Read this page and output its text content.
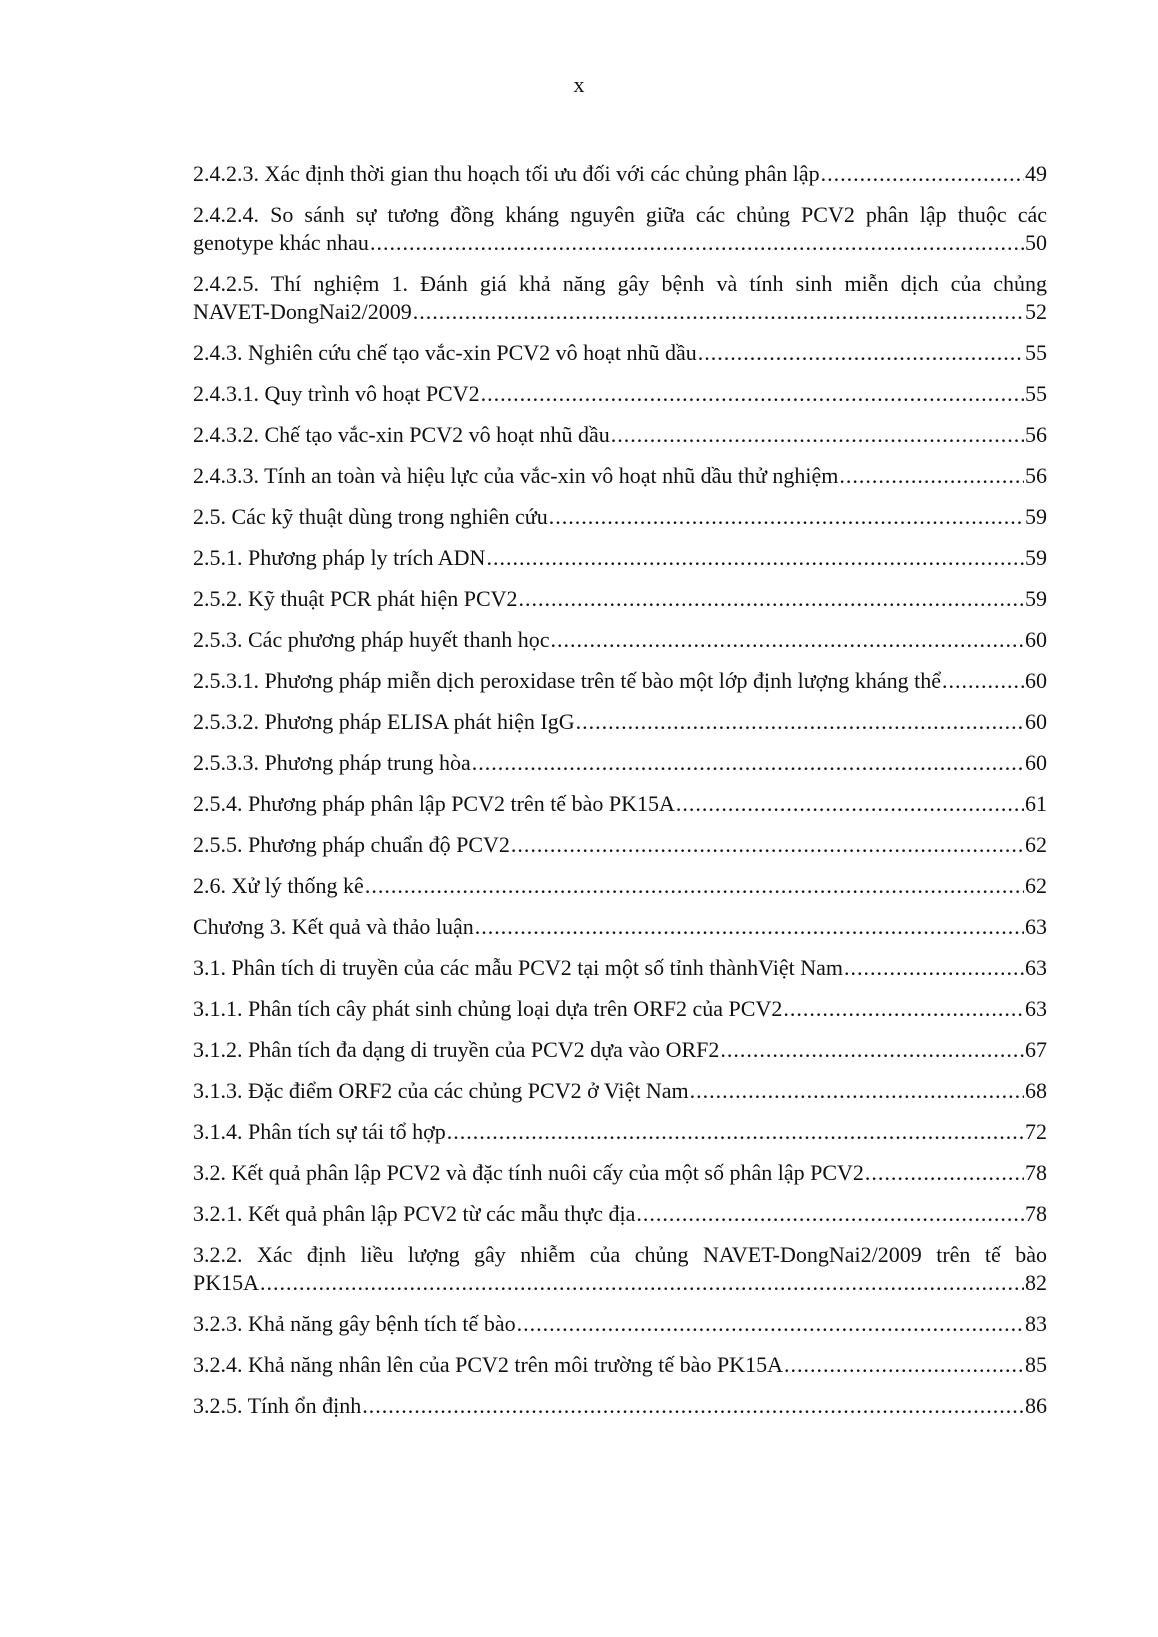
x
2.4.2.3. Xác định thời gian thu hoạch tối ưu đối với các chủng phân lập .....	49
2.4.2.4. So sánh sự tương đồng kháng nguyên giữa các chủng PCV2 phân lập thuộc các
genotype khác nhau .....	50
2.4.2.5. Thí nghiệm 1. Đánh giá khả năng gây bệnh và tính sinh miễn dịch của chủng
NAVET-DongNai2/2009 .....	52
2.4.3. Nghiên cứu chế tạo vắc-xin PCV2 vô hoạt nhũ dầu .....	55
2.4.3.1. Quy trình vô hoạt PCV2 .....	55
2.4.3.2. Chế tạo vắc-xin PCV2 vô hoạt nhũ dầu .....	56
2.4.3.3. Tính an toàn và hiệu lực của vắc-xin vô hoạt nhũ dầu thử nghiệm .....	56
2.5. Các kỹ thuật dùng trong nghiên cứu .....	59
2.5.1. Phương pháp ly trích ADN .....	59
2.5.2. Kỹ thuật PCR phát hiện PCV2 .....	59
2.5.3. Các phương pháp huyết thanh học .....	60
2.5.3.1. Phương pháp miễn dịch peroxidase trên tế bào một lớp định lượng kháng thể .....	60
2.5.3.2. Phương pháp ELISA phát hiện IgG .....	60
2.5.3.3. Phương pháp trung hòa .....	60
2.5.4. Phương pháp phân lập PCV2 trên tế bào PK15A .....	61
2.5.5. Phương pháp chuẩn độ PCV2 .....	62
2.6. Xử lý thống kê .....	62
Chương 3. Kết quả và thảo luận .....	63
3.1. Phân tích di truyền của các mẫu PCV2 tại một số tỉnh thànhViệt Nam .....	63
3.1.1. Phân tích cây phát sinh chủng loại dựa trên ORF2 của PCV2 .....	63
3.1.2. Phân tích đa dạng di truyền của PCV2 dựa vào ORF2 .....	67
3.1.3. Đặc điểm ORF2 của các chủng PCV2 ở Việt Nam .....	68
3.1.4. Phân tích sự tái tổ hợp .....	72
3.2. Kết quả phân lập PCV2 và đặc tính nuôi cấy của một số phân lập PCV2 .....	78
3.2.1. Kết quả phân lập PCV2 từ các mẫu thực địa .....	78
3.2.2. Xác định liều lượng gây nhiễm của chủng NAVET-DongNai2/2009 trên tế bào
PK15A .....	82
3.2.3. Khả năng gây bệnh tích tế bào .....	83
3.2.4. Khả năng nhân lên của PCV2 trên môi trường tế bào PK15A .....	85
3.2.5. Tính ổn định .....	86
